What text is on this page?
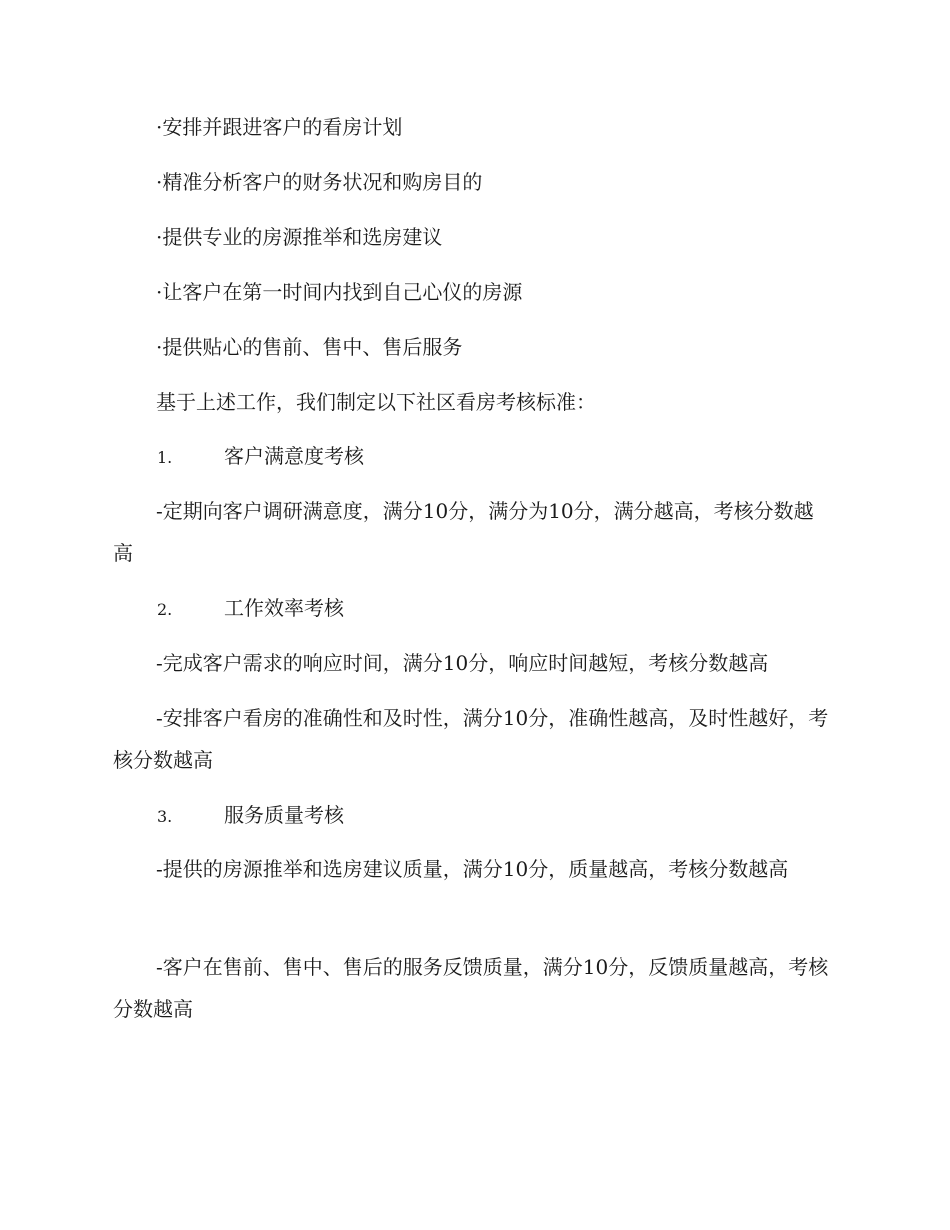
·安排并跟进客户的看房计划

·精准分析客户的财务状况和购房目的

·提供专业的房源推举和选房建议

·让客户在第一时间内找到自己心仪的房源

·提供贴心的售前、售中、售后服务

基于上述工作，我们制定以下社区看房考核标准：

1.	客户满意度考核

-定期向客户调研满意度，满分10分，满分为10分，满分越高，考核分数越高

2.	工作效率考核

-完成客户需求的响应时间，满分10分，响应时间越短，考核分数越高

-安排客户看房的准确性和及时性，满分10分，准确性越高，及时性越好，考核分数越高

3.	服务质量考核

-提供的房源推举和选房建议质量，满分10分，质量越高，考核分数越高

-客户在售前、售中、售后的服务反馈质量，满分10分，反馈质量越高，考核分数越高
